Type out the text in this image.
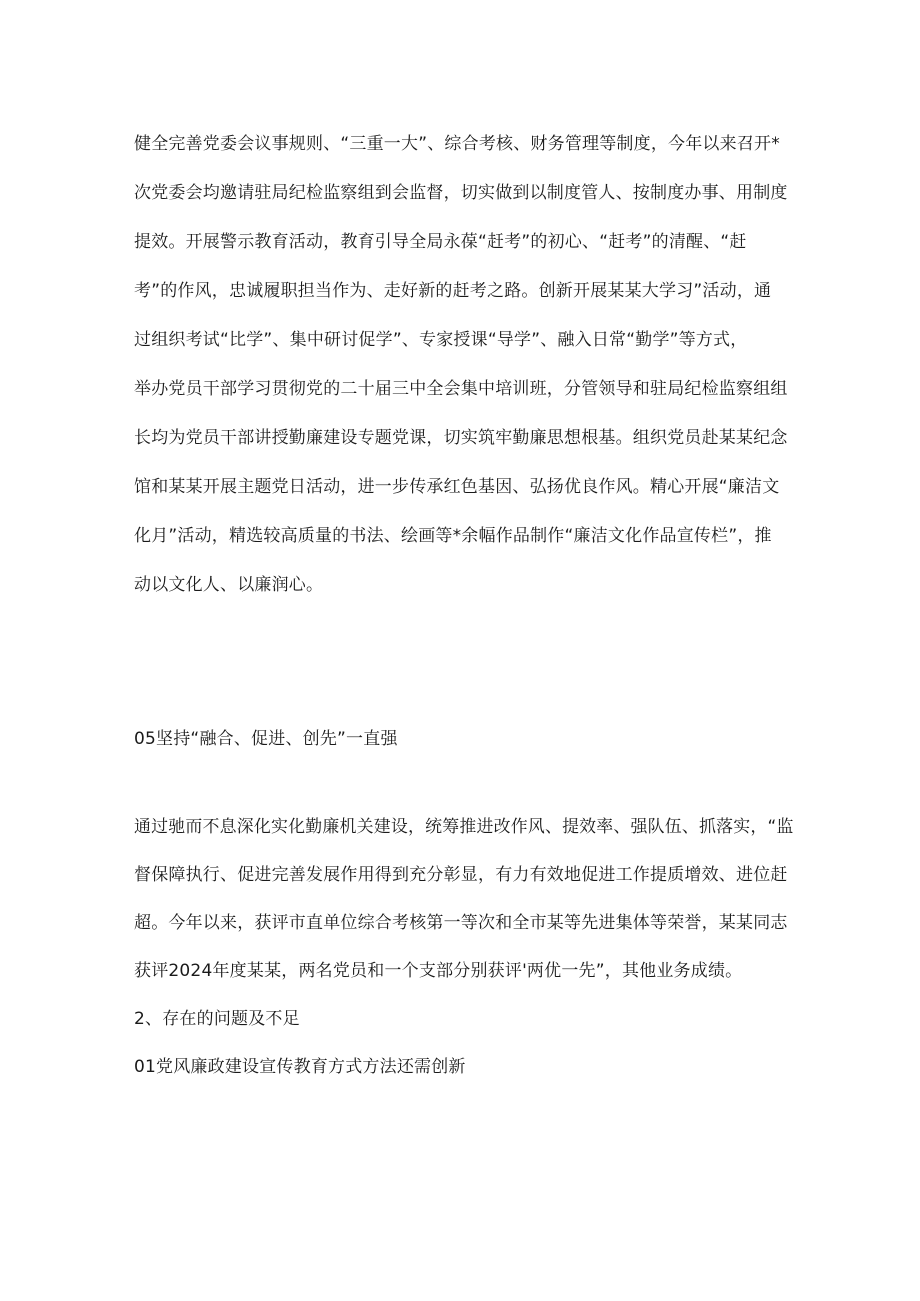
健全完善党委会议事规则、“三重一大”、综合考核、财务管理等制度，今年以来召开*
次党委会均邀请驻局纪检监察组到会监督，切实做到以制度管人、按制度办事、用制度
提效。开展警示教育活动，教育引导全局永葆“赶考”的初心、“赶考”的清醒、“赶
考”的作风，忠诚履职担当作为、走好新的赶考之路。创新开展某某大学习”活动，通
过组织考试“比学”、集中研讨促学”、专家授课“导学”、融入日常“勤学”等方式，
举办党员干部学习贯彻党的二十届三中全会集中培训班，分管领导和驻局纪检监察组组
长均为党员干部讲授勤廉建设专题党课，切实筑牢勤廉思想根基。组织党员赴某某纪念
馆和某某开展主题党日活动，进一步传承红色基因、弘扬优良作风。精心开展“廉洁文
化月”活动，精选较高质量的书法、绘画等*余幅作品制作“廉洁文化作品宣传栏”，推
动以文化人、以廉润心。
05坚持“融合、促进、创先”一直强
通过驰而不息深化实化勤廉机关建设，统筹推进改作风、提效率、强队伍、抓落实，“监
督保障执行、促进完善发展作用得到充分彰显，有力有效地促进工作提质增效、进位赶
超。今年以来，获评市直单位综合考核第一等次和全市某等先进集体等荣誉，某某同志
获评2024年度某某，两名党员和一个支部分别获评'两优一先”，其他业务成绩。
2、存在的问题及不足
01党风廉政建设宣传教育方式方法还需创新
